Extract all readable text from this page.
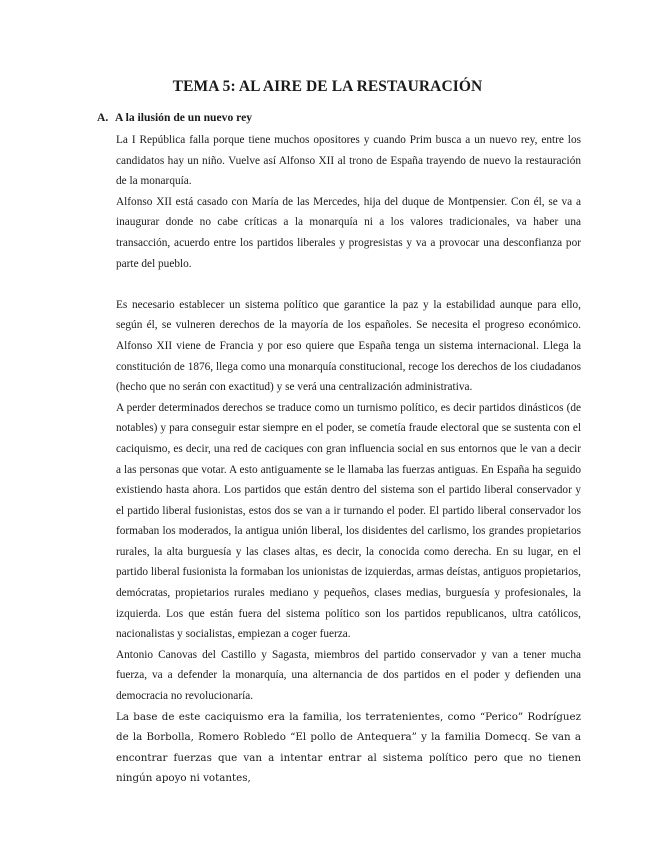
TEMA 5: AL AIRE DE LA RESTAURACIÓN
A. A la ilusión de un nuevo rey

La I República falla porque tiene muchos opositores y cuando Prim busca a un nuevo rey, entre los candidatos hay un niño. Vuelve así Alfonso XII al trono de España trayendo de nuevo la restauración de la monarquía.

Alfonso XII está casado con María de las Mercedes, hija del duque de Montpensier. Con él, se va a inaugurar donde no cabe críticas a la monarquía ni a los valores tradicionales, va haber una transacción, acuerdo entre los partidos liberales y progresistas y va a provocar una desconfianza por parte del pueblo.

Es necesario establecer un sistema político que garantice la paz y la estabilidad aunque para ello, según él, se vulneren derechos de la mayoría de los españoles. Se necesita el progreso económico. Alfonso XII viene de Francia y por eso quiere que España tenga un sistema internacional. Llega la constitución de 1876, llega como una monarquía constitucional, recoge los derechos de los ciudadanos (hecho que no serán con exactitud) y se verá una centralización administrativa.

A perder determinados derechos se traduce como un turnismo político, es decir partidos dinásticos (de notables) y para conseguir estar siempre en el poder, se cometía fraude electoral que se sustenta con el caciquismo, es decir, una red de caciques con gran influencia social en sus entornos que le van a decir a las personas que votar. A esto antiguamente se le llamaba las fuerzas antiguas. En España ha seguido existiendo hasta ahora. Los partidos que están dentro del sistema son el partido liberal conservador y el partido liberal fusionistas, estos dos se van a ir turnando el poder. El partido liberal conservador los formaban los moderados, la antigua unión liberal, los disidentes del carlismo, los grandes propietarios rurales, la alta burguesía y las clases altas, es decir, la conocida como derecha. En su lugar, en el partido liberal fusionista la formaban los unionistas de izquierdas, armas deístas, antiguos propietarios, demócratas, propietarios rurales mediano y pequeños, clases medias, burguesía y profesionales, la izquierda. Los que están fuera del sistema político son los partidos republicanos, ultra católicos, nacionalistas y socialistas, empiezan a coger fuerza.

Antonio Canovas del Castillo y Sagasta, miembros del partido conservador y van a tener mucha fuerza, va a defender la monarquía, una alternancia de dos partidos en el poder y defienden una democracia no revolucionaría.

La base de este caciquismo era la familia, los terratenientes, como “Perico” Rodríguez de la Borbolla, Romero Robledo “El pollo de Antequera” y la familia Domecq. Se van a encontrar fuerzas que van a intentar entrar al sistema político pero que no tienen ningún apoyo ni votantes,
